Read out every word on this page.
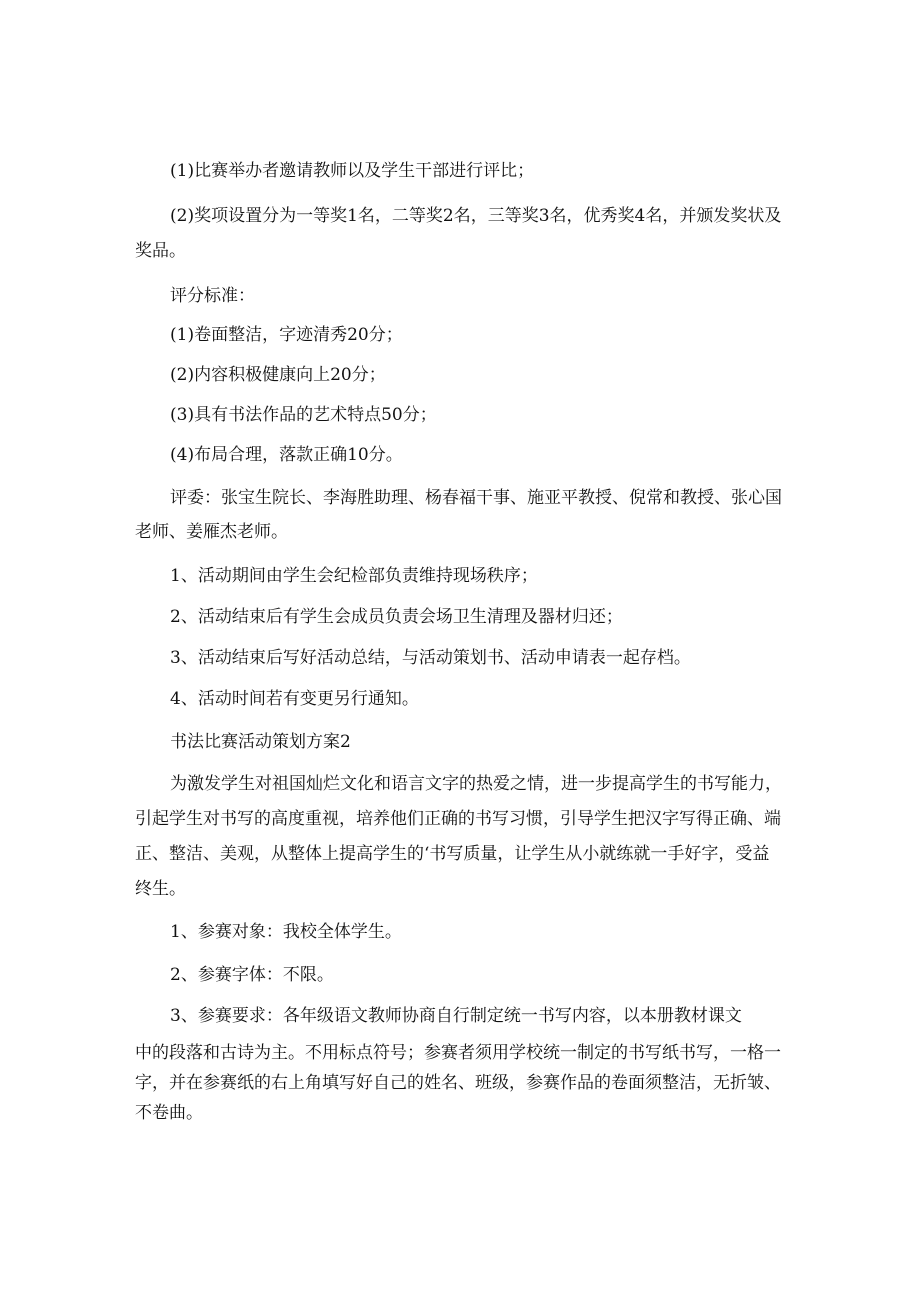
(1)比赛举办者邀请教师以及学生干部进行评比；

(2)奖项设置分为一等奖1名，二等奖2名，三等奖3名，优秀奖4名，并颁发奖状及

奖品。

评分标准：

(1)卷面整洁，字迹清秀20分；

(2)内容积极健康向上20分；

(3)具有书法作品的艺术特点50分；

(4)布局合理，落款正确10分。

评委：张宝生院长、李海胜助理、杨春福干事、施亚平教授、倪常和教授、张心国

老师、姜雁杰老师。

1、活动期间由学生会纪检部负责维持现场秩序；

2、活动结束后有学生会成员负责会场卫生清理及器材归还；

3、活动结束后写好活动总结，与活动策划书、活动申请表一起存档。

4、活动时间若有变更另行通知。

书法比赛活动策划方案2

为激发学生对祖国灿烂文化和语言文字的热爱之情，进一步提高学生的书写能力，

引起学生对书写的高度重视，培养他们正确的书写习惯，引导学生把汉字写得正确、端

正、整洁、美观，从整体上提高学生的‘书写质量，让学生从小就练就一手好字，受益

终生。

1、参赛对象：我校全体学生。

2、参赛字体：不限。

3、参赛要求：各年级语文教师协商自行制定统一书写内容，以本册教材课文

中的段落和古诗为主。不用标点符号；参赛者须用学校统一制定的书写纸书写，一格一

字，并在参赛纸的右上角填写好自己的姓名、班级，参赛作品的卷面须整洁，无折皱、

不卷曲。
